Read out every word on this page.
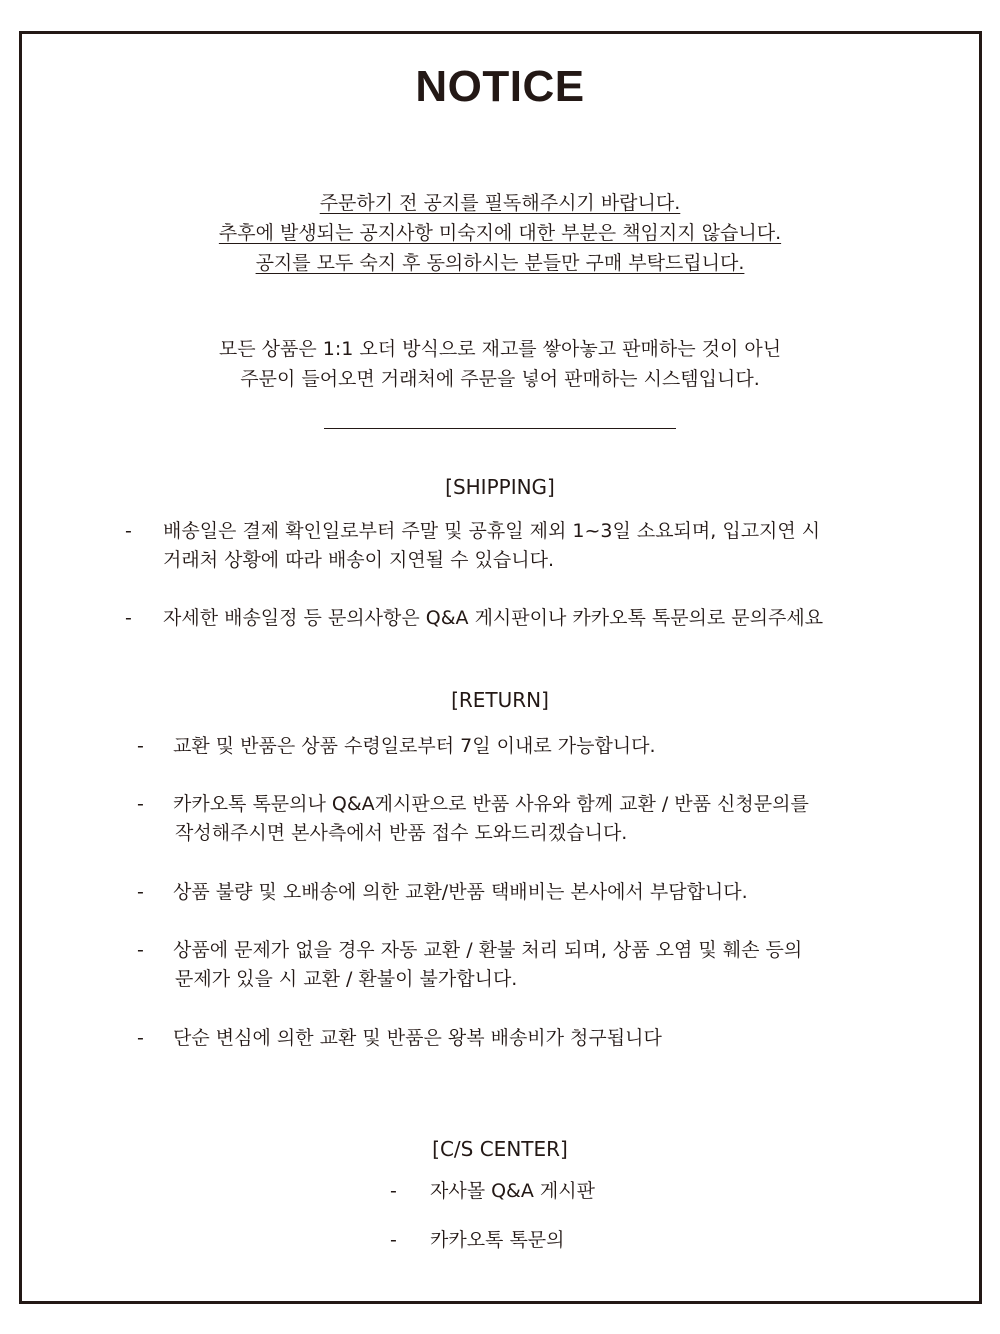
NOTICE
주문하기 전 공지를 필독해주시기 바랍니다.
추후에 발생되는 공지사항 미숙지에 대한 부분은 책임지지 않습니다.
공지를 모두 숙지 후 동의하시는 분들만 구매 부탁드립니다.
모든 상품은 1:1 오더 방식으로 재고를 쌓아놓고 판매하는 것이 아닌
주문이 들어오면 거래처에 주문을 넣어 판매하는 시스템입니다.
[SHIPPING]
- 배송일은 결제 확인일로부터 주말 및 공휴일 제외 1~3일 소요되며, 입고지연 시
거래처 상황에 따라 배송이 지연될 수 있습니다.
- 자세한 배송일정 등 문의사항은 Q&A 게시판이나 카카오톡 톡문의로 문의주세요
[RETURN]
- 교환 및 반품은 상품 수령일로부터 7일 이내로 가능합니다.
- 카카오톡 톡문의나 Q&A게시판으로 반품 사유와 함께 교환 / 반품 신청문의를
작성해주시면 본사측에서 반품 접수 도와드리겠습니다.
- 상품 불량 및 오배송에 의한 교환/반품 택배비는 본사에서 부담합니다.
- 상품에 문제가 없을 경우 자동 교환 / 환불 처리 되며, 상품 오염 및 훼손 등의
문제가 있을 시 교환 / 환불이 불가합니다.
- 단순 변심에 의한 교환 및 반품은 왕복 배송비가 청구됩니다
[C/S CENTER]
- 자사몰 Q&A 게시판
- 카카오톡 톡문의
